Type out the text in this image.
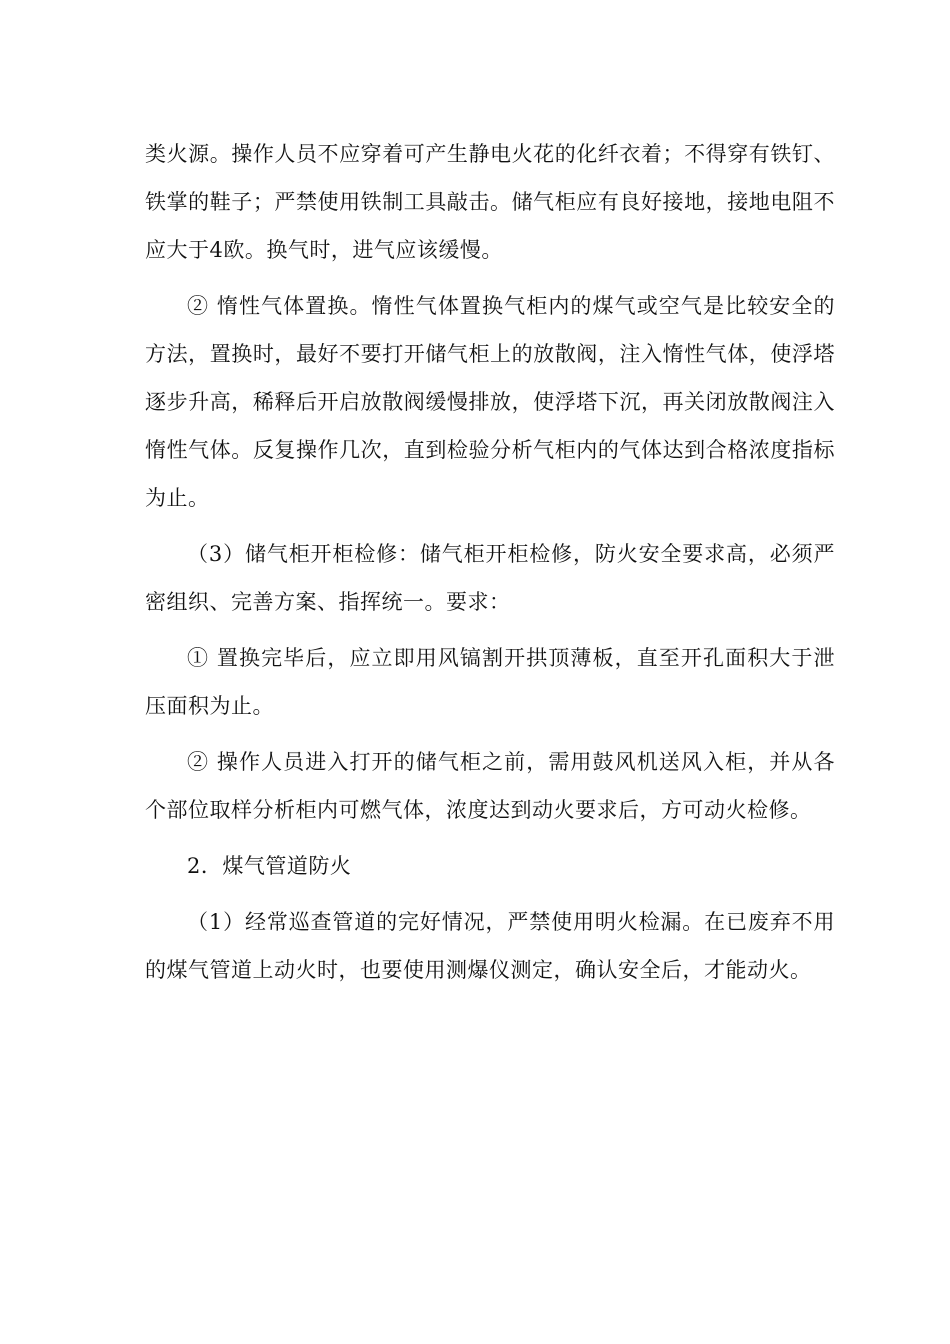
类火源。操作人员不应穿着可产生静电火花的化纤衣着；不得穿有铁钉、铁掌的鞋子；严禁使用铁制工具敲击。储气柜应有良好接地，接地电阻不应大于4欧。换气时，进气应该缓慢。

② 惰性气体置换。惰性气体置换气柜内的煤气或空气是比较安全的方法，置换时，最好不要打开储气柜上的放散阀，注入惰性气体，使浮塔逐步升高，稀释后开启放散阀缓慢排放，使浮塔下沉，再关闭放散阀注入惰性气体。反复操作几次，直到检验分析气柜内的气体达到合格浓度指标为止。

（3）储气柜开柜检修：储气柜开柜检修，防火安全要求高，必须严密组织、完善方案、指挥统一。要求：

① 置换完毕后，应立即用风镐割开拱顶薄板，直至开孔面积大于泄压面积为止。

② 操作人员进入打开的储气柜之前，需用鼓风机送风入柜，并从各个部位取样分析柜内可燃气体，浓度达到动火要求后，方可动火检修。

2．煤气管道防火

（1）经常巡查管道的完好情况，严禁使用明火检漏。在已废弃不用的煤气管道上动火时，也要使用测爆仪测定，确认安全后，才能动火。
